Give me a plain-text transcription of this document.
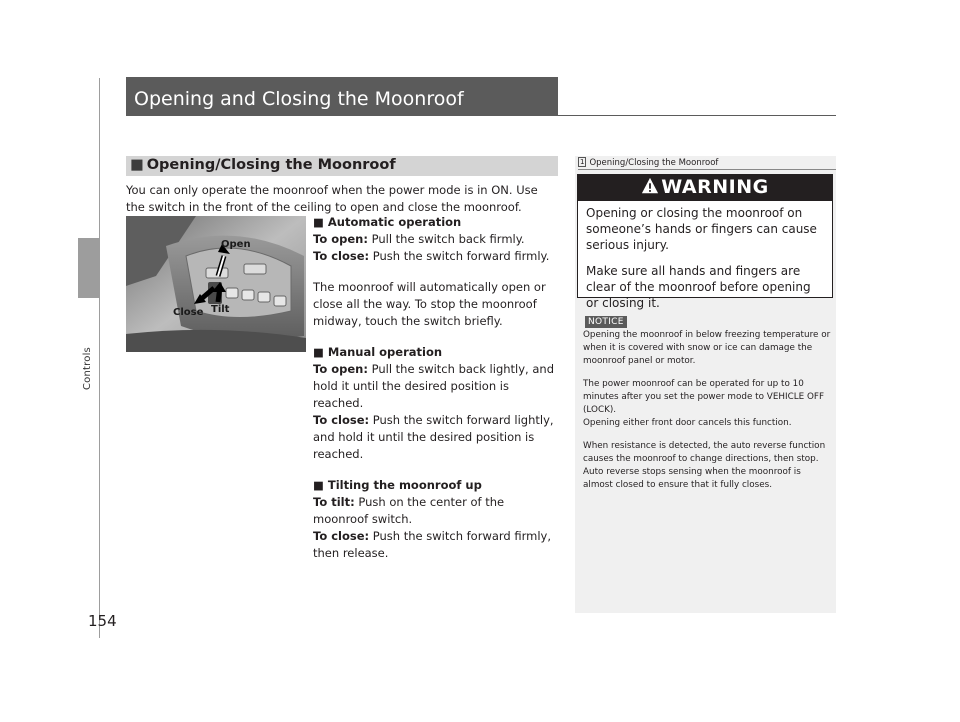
Controls
154
Opening and Closing the Moonroof
■ Opening/Closing the Moonroof
You can only operate the moonroof when the power mode is in ON. Use the switch in the front of the ceiling to open and close the moonroof.
Open
Tilt
Close
■ Automatic operation
To open: Pull the switch back firmly.
To close: Push the switch forward firmly.
The moonroof will automatically open or close all the way. To stop the moonroof midway, touch the switch briefly.
■ Manual operation
To open: Pull the switch back lightly, and hold it until the desired position is reached.
To close: Push the switch forward lightly, and hold it until the desired position is reached.
■ Tilting the moonroof up
To tilt: Push on the center of the moonroof switch.
To close: Push the switch forward firmly, then release.
1 Opening/Closing the Moonroof
WARNING

Opening or closing the moonroof on someone’s hands or fingers can cause serious injury.

Make sure all hands and fingers are clear of the moonroof before opening or closing it.

NOTICE
Opening the moonroof in below freezing temperature or when it is covered with snow or ice can damage the moonroof panel or motor.
The power moonroof can be operated for up to 10 minutes after you set the power mode to VEHICLE OFF (LOCK).
Opening either front door cancels this function.
When resistance is detected, the auto reverse function causes the moonroof to change directions, then stop. Auto reverse stops sensing when the moonroof is almost closed to ensure that it fully closes.
